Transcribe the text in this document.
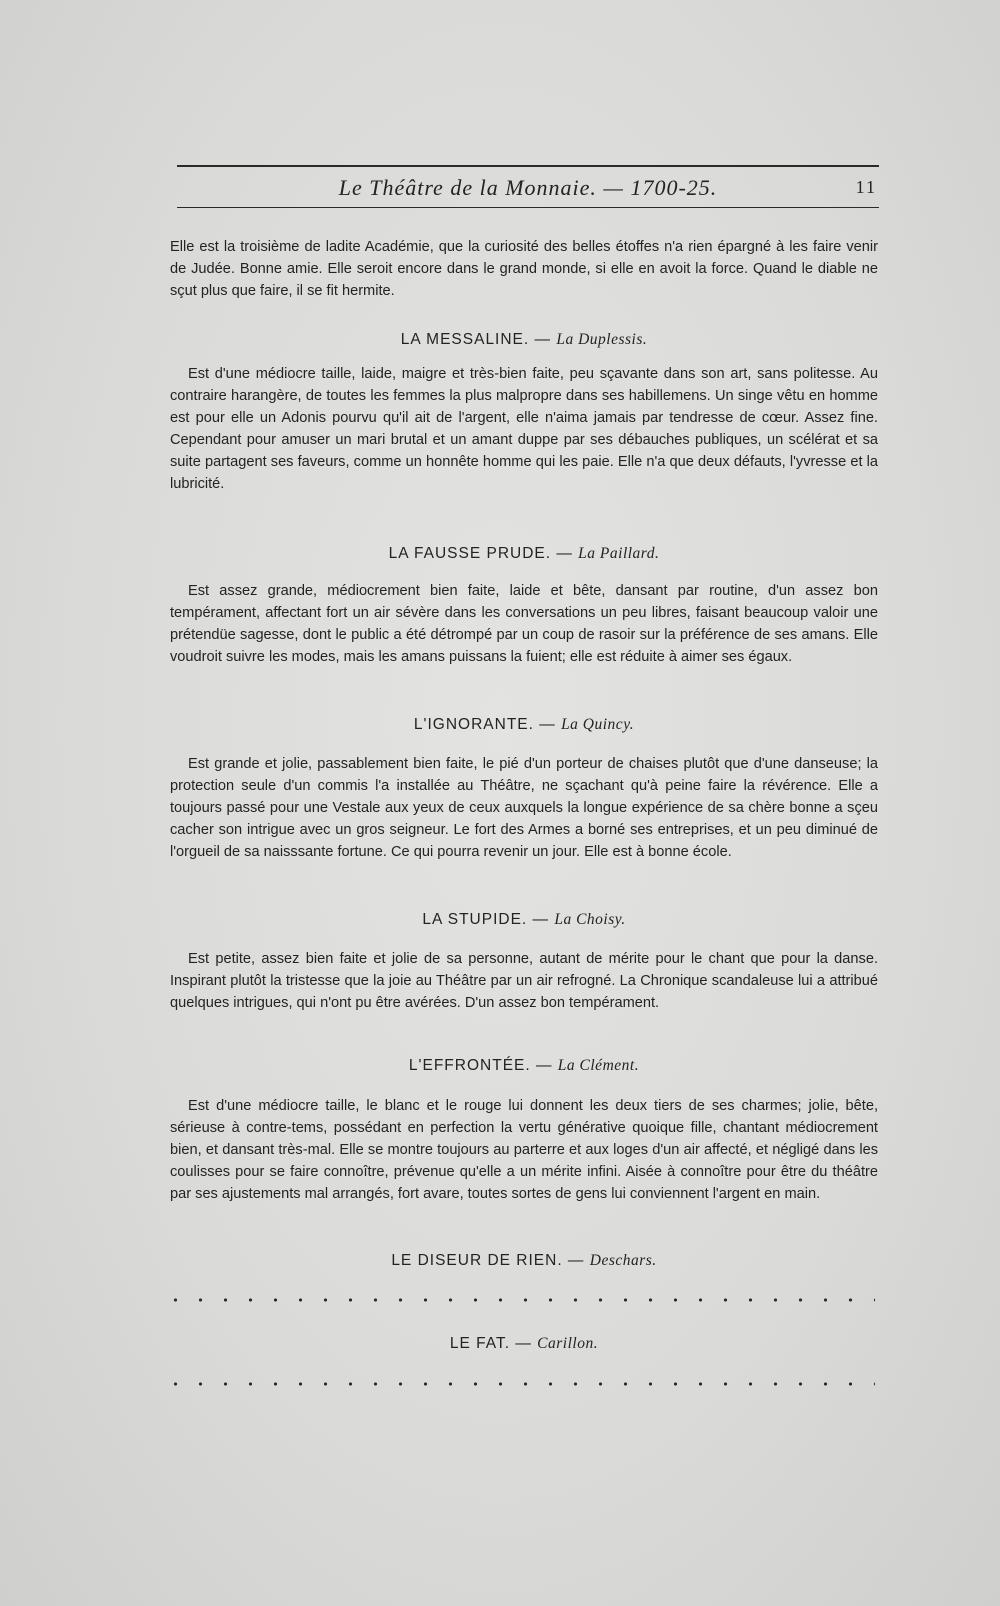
Le Théâtre de la Monnaie. — 1700-25.	11

Elle est la troisième de ladite Académie, que la curiosité des belles étoffes n'a rien épargné à les faire venir de Judée. Bonne amie. Elle seroit encore dans le grand monde, si elle en avoit la force. Quand le diable ne sçut plus que faire, il se fit hermite.

LA MESSALINE. — La Duplessis.

Est d'une médiocre taille, laide, maigre et très-bien faite, peu sçavante dans son art, sans politesse. Au contraire harangère, de toutes les femmes la plus malpropre dans ses habillemens. Un singe vêtu en homme est pour elle un Adonis pourvu qu'il ait de l'argent, elle n'aima jamais par tendresse de cœur. Assez fine. Cependant pour amuser un mari brutal et un amant duppe par ses débauches publiques, un scélérat et sa suite partagent ses faveurs, comme un honnête homme qui les paie. Elle n'a que deux défauts, l'yvresse et la lubricité.

LA FAUSSE PRUDE. — La Paillard.

Est assez grande, médiocrement bien faite, laide et bête, dansant par routine, d'un assez bon tempérament, affectant fort un air sévère dans les conversations un peu libres, faisant beaucoup valoir une prétendüe sagesse, dont le public a été détrompé par un coup de rasoir sur la préférence de ses amans. Elle voudroit suivre les modes, mais les amans puissans la fuient; elle est réduite à aimer ses égaux.

L'IGNORANTE. — La Quincy.

Est grande et jolie, passablement bien faite, le pié d'un porteur de chaises plutôt que d'une danseuse; la protection seule d'un commis l'a installée au Théâtre, ne sçachant qu'à peine faire la révérence. Elle a toujours passé pour une Vestale aux yeux de ceux auxquels la longue expérience de sa chère bonne a sçeu cacher son intrigue avec un gros seigneur. Le fort des Armes a borné ses entreprises, et un peu diminué de l'orgueil de sa naisssante fortune. Ce qui pourra revenir un jour. Elle est à bonne école.

LA STUPIDE. — La Choisy.

Est petite, assez bien faite et jolie de sa personne, autant de mérite pour le chant que pour la danse. Inspirant plutôt la tristesse que la joie au Théâtre par un air refrogné. La Chronique scandaleuse lui a attribué quelques intrigues, qui n'ont pu être avérées. D'un assez bon tempérament.

L'EFFRONTÉE. — La Clément.

Est d'une médiocre taille, le blanc et le rouge lui donnent les deux tiers de ses charmes; jolie, bête, sérieuse à contre-tems, possédant en perfection la vertu générative quoique fille, chantant médiocrement bien, et dansant très-mal. Elle se montre toujours au parterre et aux loges d'un air affecté, et négligé dans les coulisses pour se faire connoître, prévenue qu'elle a un mérite infini. Aisée à connoître pour être du théâtre par ses ajustements mal arrangés, fort avare, toutes sortes de gens lui conviennent l'argent en main.

LE DISEUR DE RIEN. — Deschars.
LE FAT. — Carillon.
